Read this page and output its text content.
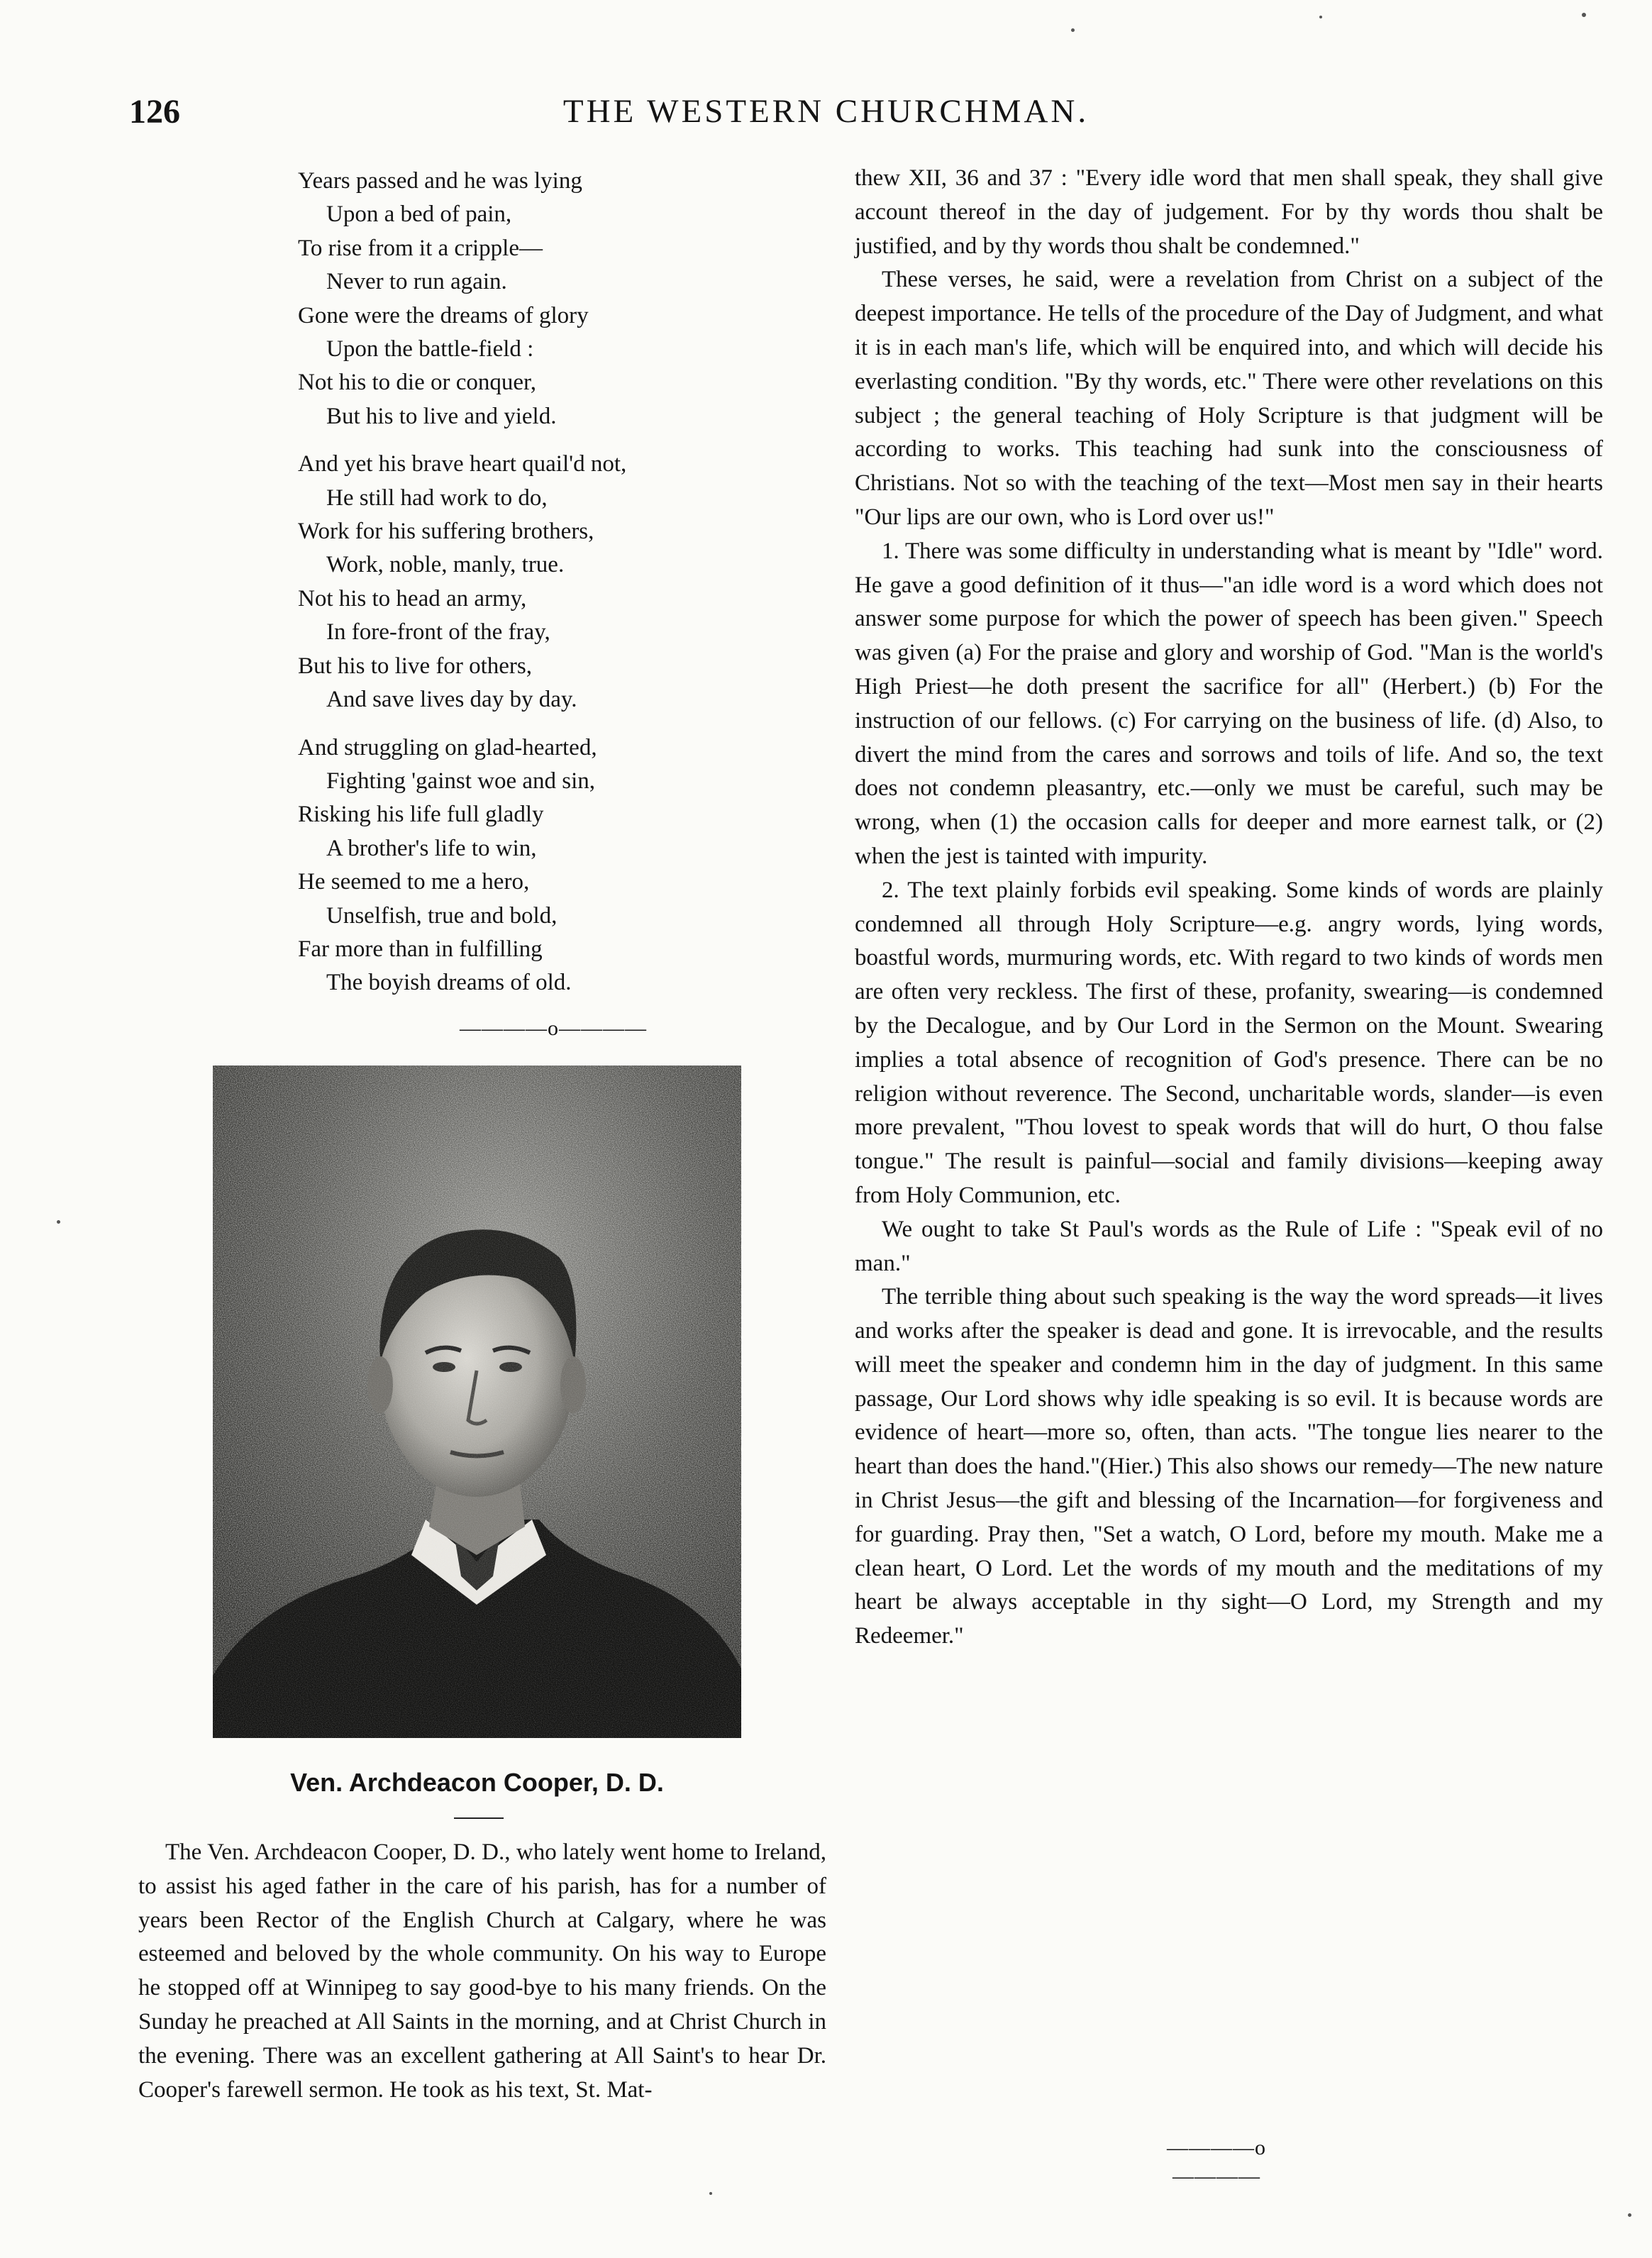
126	THE WESTERN CHURCHMAN.
Years passed and he was lying
Upon a bed of pain,
To rise from it a cripple—
Never to run again.
Gone were the dreams of glory
Upon the battle-field :
Not his to die or conquer,
But his to live and yield.
And yet his brave heart quail'd not,
He still had work to do,
Work for his suffering brothers,
Work, noble, manly, true.
Not his to head an army,
In fore-front of the fray,
But his to live for others,
And save lives day by day.
And struggling on glad-hearted,
Fighting 'gainst woe and sin,
Risking his life full gladly
A brother's life to win,
He seemed to me a hero,
Unselfish, true and bold,
Far more than in fulfilling
The boyish dreams of old.
————o————
Ven. Archdeacon Cooper, D. D.

The Ven. Archdeacon Cooper, D. D., who lately went home to Ireland, to assist his aged father in the care of his parish, has for a number of years been Rector of the English Church at Calgary, where he was esteemed and beloved by the whole community. On his way to Europe he stopped off at Winnipeg to say good-bye to his many friends. On the Sunday he preached at All Saints in the morning, and at Christ Church in the evening. There was an excellent gathering at All Saint's to hear Dr. Cooper's farewell sermon. He took as his text, St. Mat-

thew XII, 36 and 37 : "Every idle word that men shall speak, they shall give account thereof in the day of judgement. For by thy words thou shalt be justified, and by thy words thou shalt be condemned."

These verses, he said, were a revelation from Christ on a subject of the deepest importance. He tells of the procedure of the Day of Judgment, and what it is in each man's life, which will be enquired into, and which will decide his everlasting condition. "By thy words, etc." There were other revelations on this subject ; the general teaching of Holy Scripture is that judgment will be according to works. This teaching had sunk into the consciousness of Christians. Not so with the teaching of the text—Most men say in their hearts "Our lips are our own, who is Lord over us!"

1. There was some difficulty in understanding what is meant by "Idle" word. He gave a good definition of it thus—"an idle word is a word which does not answer some purpose for which the power of speech has been given." Speech was given (a) For the praise and glory and worship of God. "Man is the world's High Priest—he doth present the sacrifice for all" (Herbert.) (b) For the instruction of our fellows. (c) For carrying on the business of life. (d) Also, to divert the mind from the cares and sorrows and toils of life. And so, the text does not condemn pleasantry, etc.—only we must be careful, such may be wrong, when (1) the occasion calls for deeper and more earnest talk, or (2) when the jest is tainted with impurity.

2. The text plainly forbids evil speaking. Some kinds of words are plainly condemned all through Holy Scripture—e.g. angry words, lying words, boastful words, murmuring words, etc. With regard to two kinds of words men are often very reckless. The first of these, profanity, swearing—is condemned by the Decalogue, and by Our Lord in the Sermon on the Mount. Swearing implies a total absence of recognition of God's presence. There can be no religion without reverence. The Second, uncharitable words, slander—is even more prevalent, "Thou lovest to speak words that will do hurt, O thou false tongue." The result is painful—social and family divisions—keeping away from Holy Communion, etc.

We ought to take St Paul's words as the Rule of Life : "Speak evil of no man."

The terrible thing about such speaking is the way the word spreads—it lives and works after the speaker is dead and gone. It is irrevocable, and the results will meet the speaker and condemn him in the day of judgment. In this same passage, Our Lord shows why idle speaking is so evil. It is because words are evidence of heart—more so, often, than acts. "The tongue lies nearer to the heart than does the hand."(Hier.) This also shows our remedy—The new nature in Christ Jesus—the gift and blessing of the Incarnation—for forgiveness and for guarding. Pray then, "Set a watch, O Lord, before my mouth. Make me a clean heart, O Lord. Let the words of my mouth and the meditations of my heart be always acceptable in thy sight—O Lord, my Strength and my Redeemer."

————o————
